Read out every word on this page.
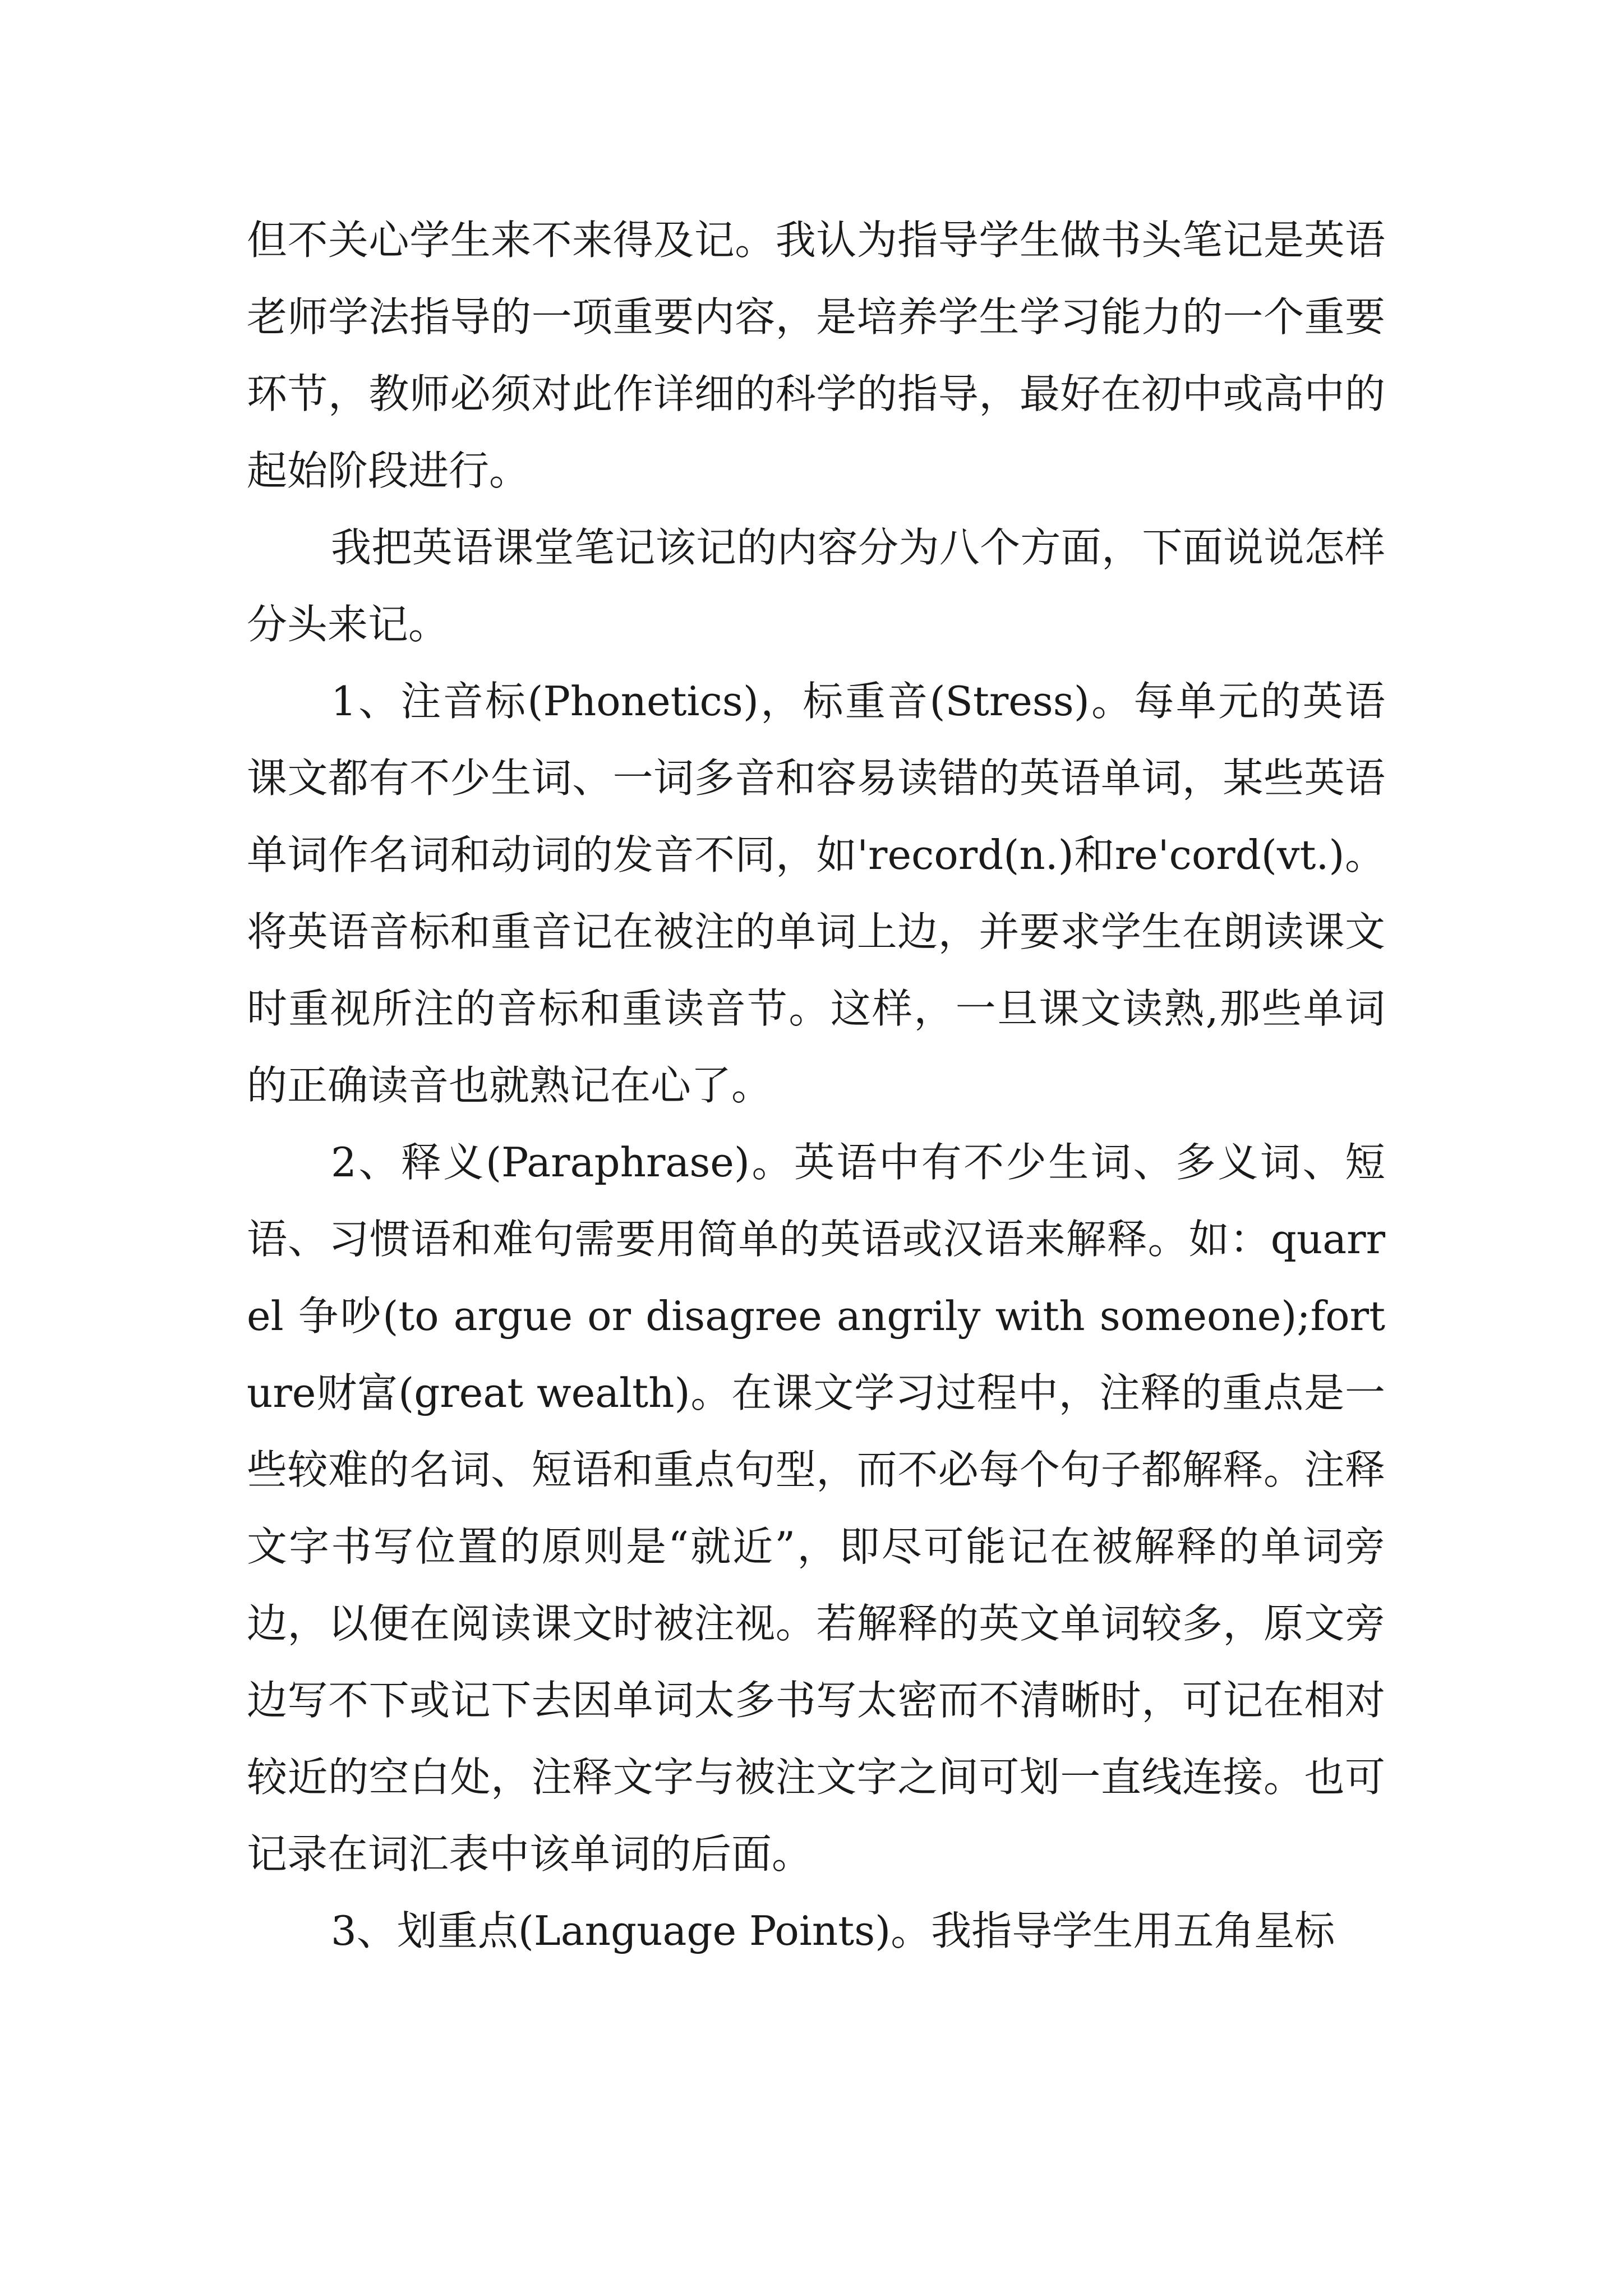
但不关心学生来不来得及记。我认为指导学生做书头笔记是英语老师学法指导的一项重要内容，是培养学生学习能力的一个重要环节，教师必须对此作详细的科学的指导，最好在初中或高中的起始阶段进行。

我把英语课堂笔记该记的内容分为八个方面，下面说说怎样分头来记。

1、注音标(Phonetics)，标重音(Stress)。每单元的英语课文都有不少生词、一词多音和容易读错的英语单词，某些英语单词作名词和动词的发音不同，如'record(n.)和re'cord(vt.)。将英语音标和重音记在被注的单词上边，并要求学生在朗读课文时重视所注的音标和重读音节。这样，一旦课文读熟,那些单词的正确读音也就熟记在心了。

2、释义(Paraphrase)。英语中有不少生词、多义词、短语、习惯语和难句需要用简单的英语或汉语来解释。如：quarrel 争吵(to argue or disagree angrily with someone);forture财富(great wealth)。在课文学习过程中，注释的重点是一些较难的名词、短语和重点句型，而不必每个句子都解释。注释文字书写位置的原则是“就近”，即尽可能记在被解释的单词旁边，以便在阅读课文时被注视。若解释的英文单词较多，原文旁边写不下或记下去因单词太多书写太密而不清晰时，可记在相对较近的空白处，注释文字与被注文字之间可划一直线连接。也可记录在词汇表中该单词的后面。

3、划重点(Language Points)。我指导学生用五角星标
